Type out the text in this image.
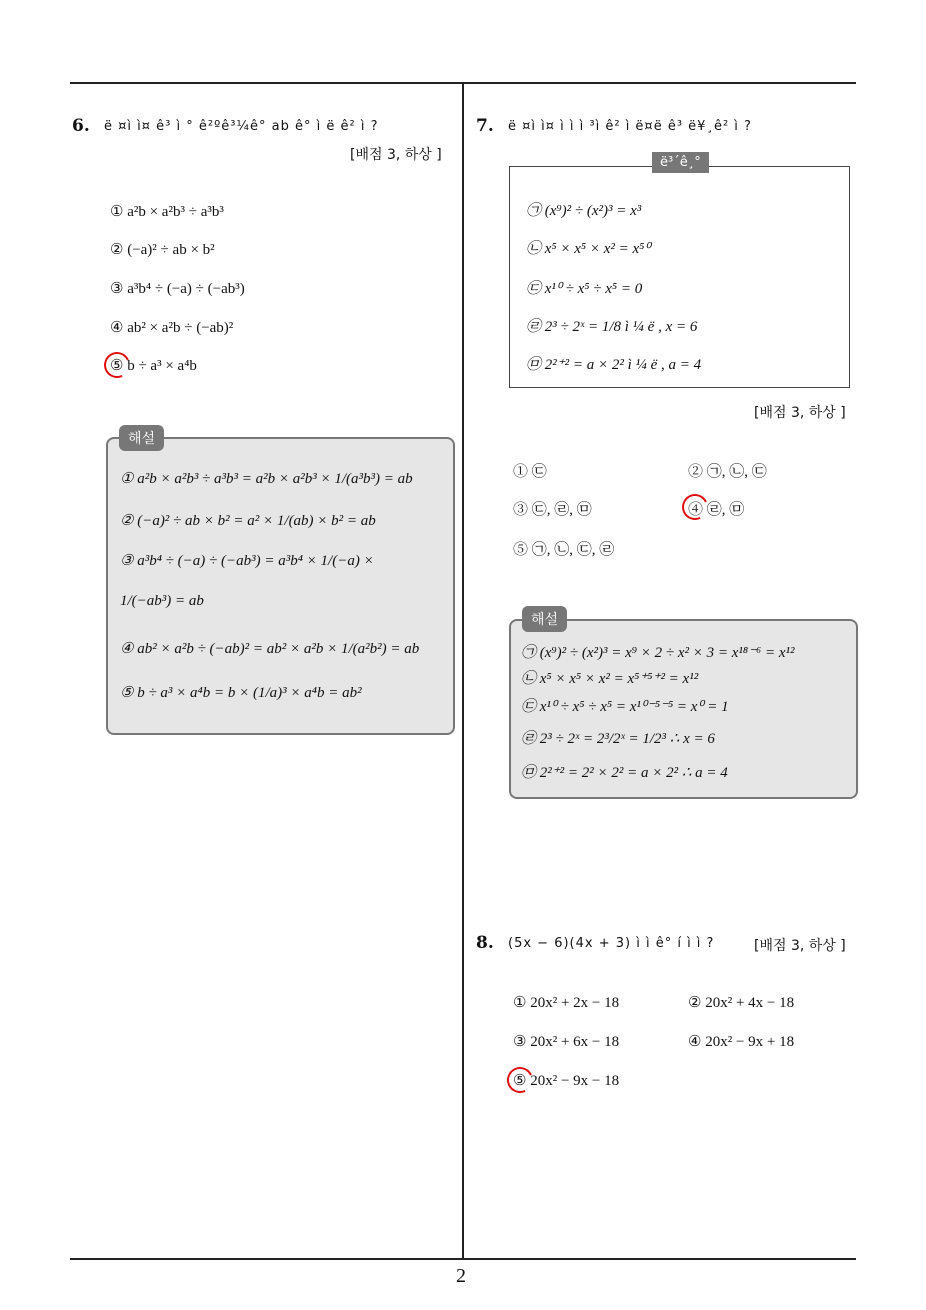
2
6. ë ¤ì ì¤ ê³ ì ° ê²ºê³¼ê° ab ê° ì ë ê² ì ?
[배점 3, 하상 ]
① a²b × a²b³ ÷ a³b³
② (−a)² ÷ ab × b²
③ a³b⁴ ÷ (−a) ÷ (−ab³)
④ ab² × a²b ÷ (−ab)²
⑤ b ÷ a³ × a⁴b
① a²b × a²b³ ÷ a³b³ = a²b × a²b³ × 1/(a³b³) = ab
② (−a)² ÷ ab × b² = a² × 1/(ab) × b² = ab
③ a³b⁴ ÷ (−a) ÷ (−ab³) = a³b⁴ × 1/(−a) ×
1/(−ab³) = ab
④ ab² × a²b ÷ (−ab)² = ab² × a²b × 1/(a²b²) = ab
⑤ b ÷ a³ × a⁴b = b × (1/a)³ × a⁴b = ab²
해설
7. ë ¤ì ì¤ ì ì ì ³ì ê² ì ë¤ë ê³ ë¥¸ê² ì ?
㉠ (x⁹)² ÷ (x²)³ = x³
㉡ x⁵ × x⁵ × x² = x⁵⁰
㉢ x¹⁰ ÷ x⁵ ÷ x⁵ = 0
㉣ 2³ ÷ 2ˣ = 1/8 ì ¼ ë , x = 6
㉤ 2²⁺² = a × 2² ì ¼ ë , a = 4
ë³´ê¸°
[배점 3, 하상 ]
① ㉢	② ㉠, ㉡, ㉢
③ ㉢, ㉣, ㉤	④ ㉣, ㉤
⑤ ㉠, ㉡, ㉢, ㉣
㉠ (x⁹)² ÷ (x²)³ = x⁹ × 2 ÷ x² × 3 = x¹⁸⁻⁶ = x¹²
㉡ x⁵ × x⁵ × x² = x⁵⁺⁵⁺² = x¹²
㉢ x¹⁰ ÷ x⁵ ÷ x⁵ = x¹⁰⁻⁵⁻⁵ = x⁰ = 1
㉣ 2³ ÷ 2ˣ = 2³/2ˣ = 1/2³ ∴ x = 6
㉤ 2²⁺² = 2² × 2² = a × 2² ∴ a = 4
해설
8. (5x − 6)(4x + 3) ì ì ê° í ì ì ?	[배점 3, 하상 ]
① 20x² + 2x − 18	② 20x² + 4x − 18
③ 20x² + 6x − 18	④ 20x² − 9x + 18
⑤ 20x² − 9x − 18
